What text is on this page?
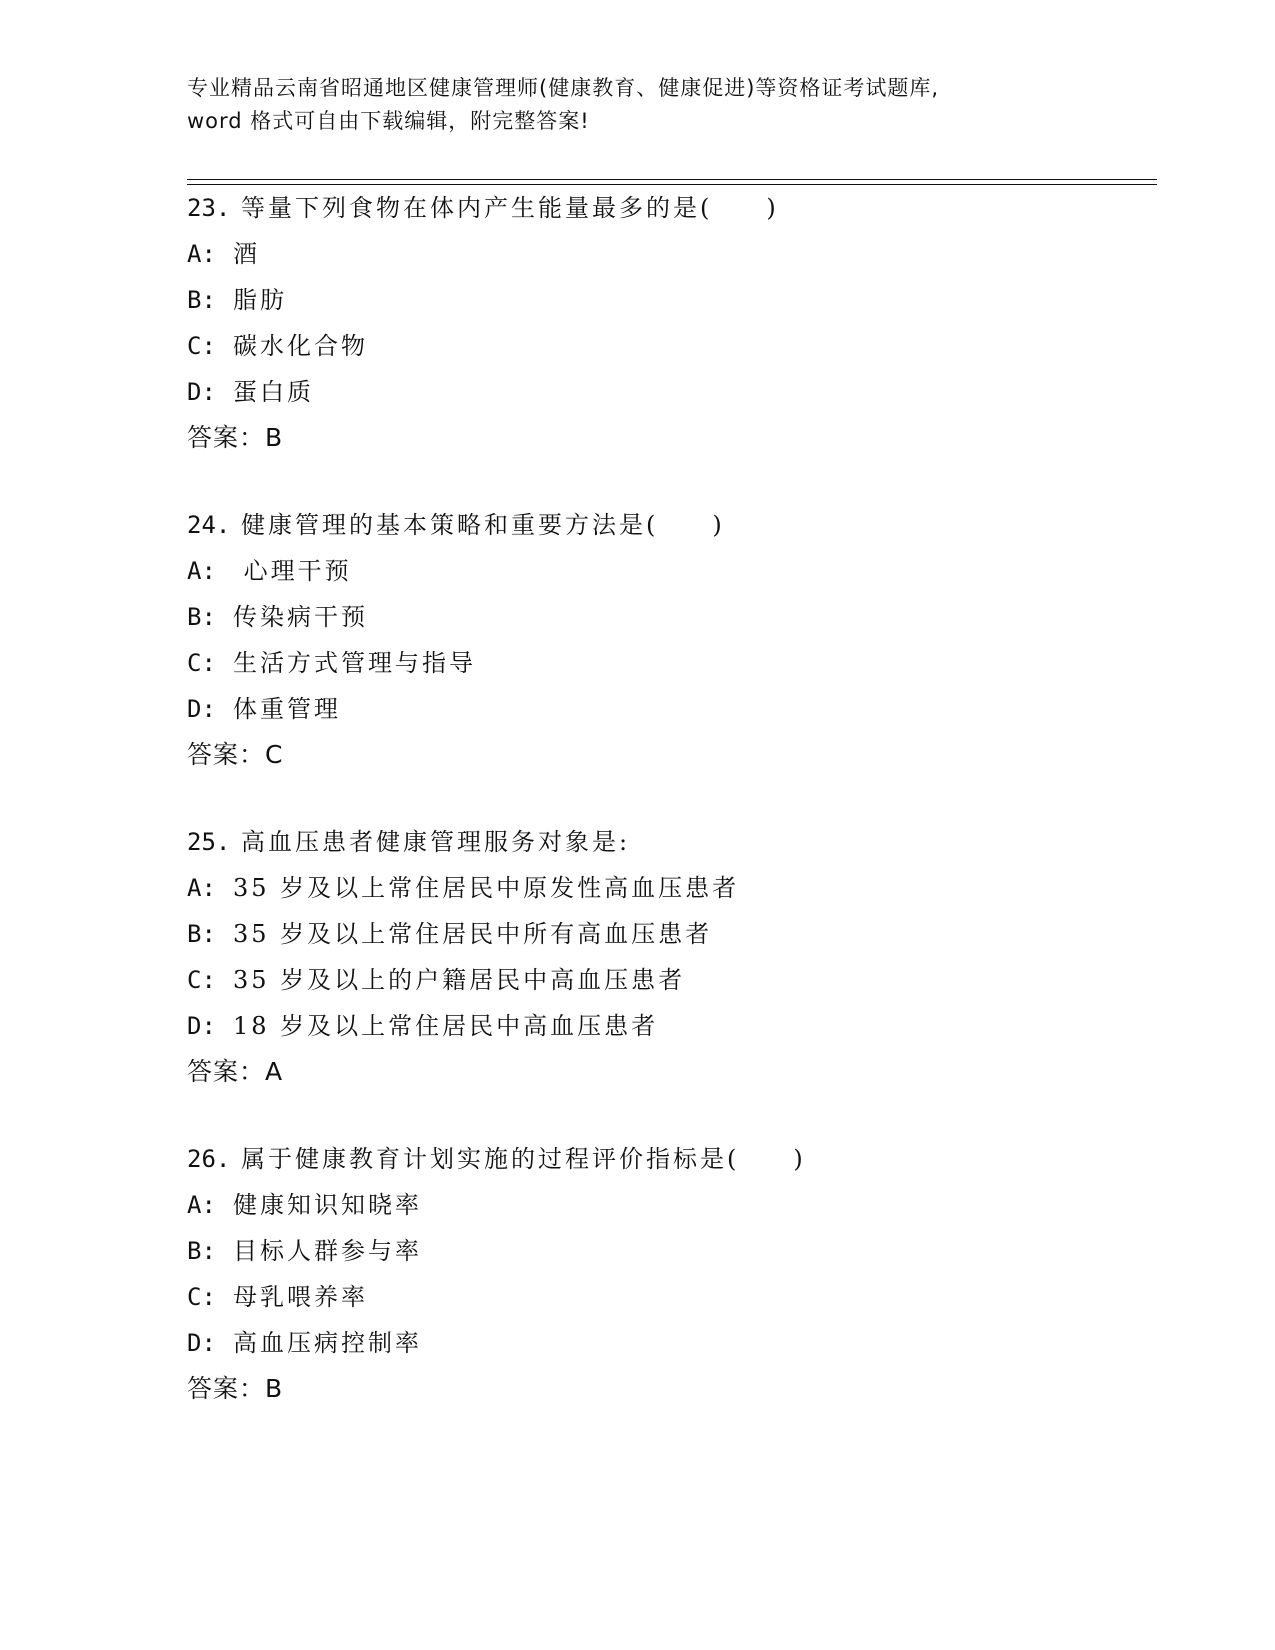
专业精品云南省昭通地区健康管理师(健康教育、健康促进)等资格证考试题库,
word 格式可自由下载编辑，附完整答案!
23. 等量下列食物在体内产生能量最多的是(　　)
A: 酒
B: 脂肪
C: 碳水化合物
D: 蛋白质
答案：B
24. 健康管理的基本策略和重要方法是(　　)
A: 心理干预
B: 传染病干预
C: 生活方式管理与指导
D: 体重管理
答案：C
25. 高血压患者健康管理服务对象是:
A: 35 岁及以上常住居民中原发性高血压患者
B: 35 岁及以上常住居民中所有高血压患者
C: 35 岁及以上的户籍居民中高血压患者
D: 18 岁及以上常住居民中高血压患者
答案：A
26. 属于健康教育计划实施的过程评价指标是(　　)
A: 健康知识知晓率
B: 目标人群参与率
C: 母乳喂养率
D: 高血压病控制率
答案：B
